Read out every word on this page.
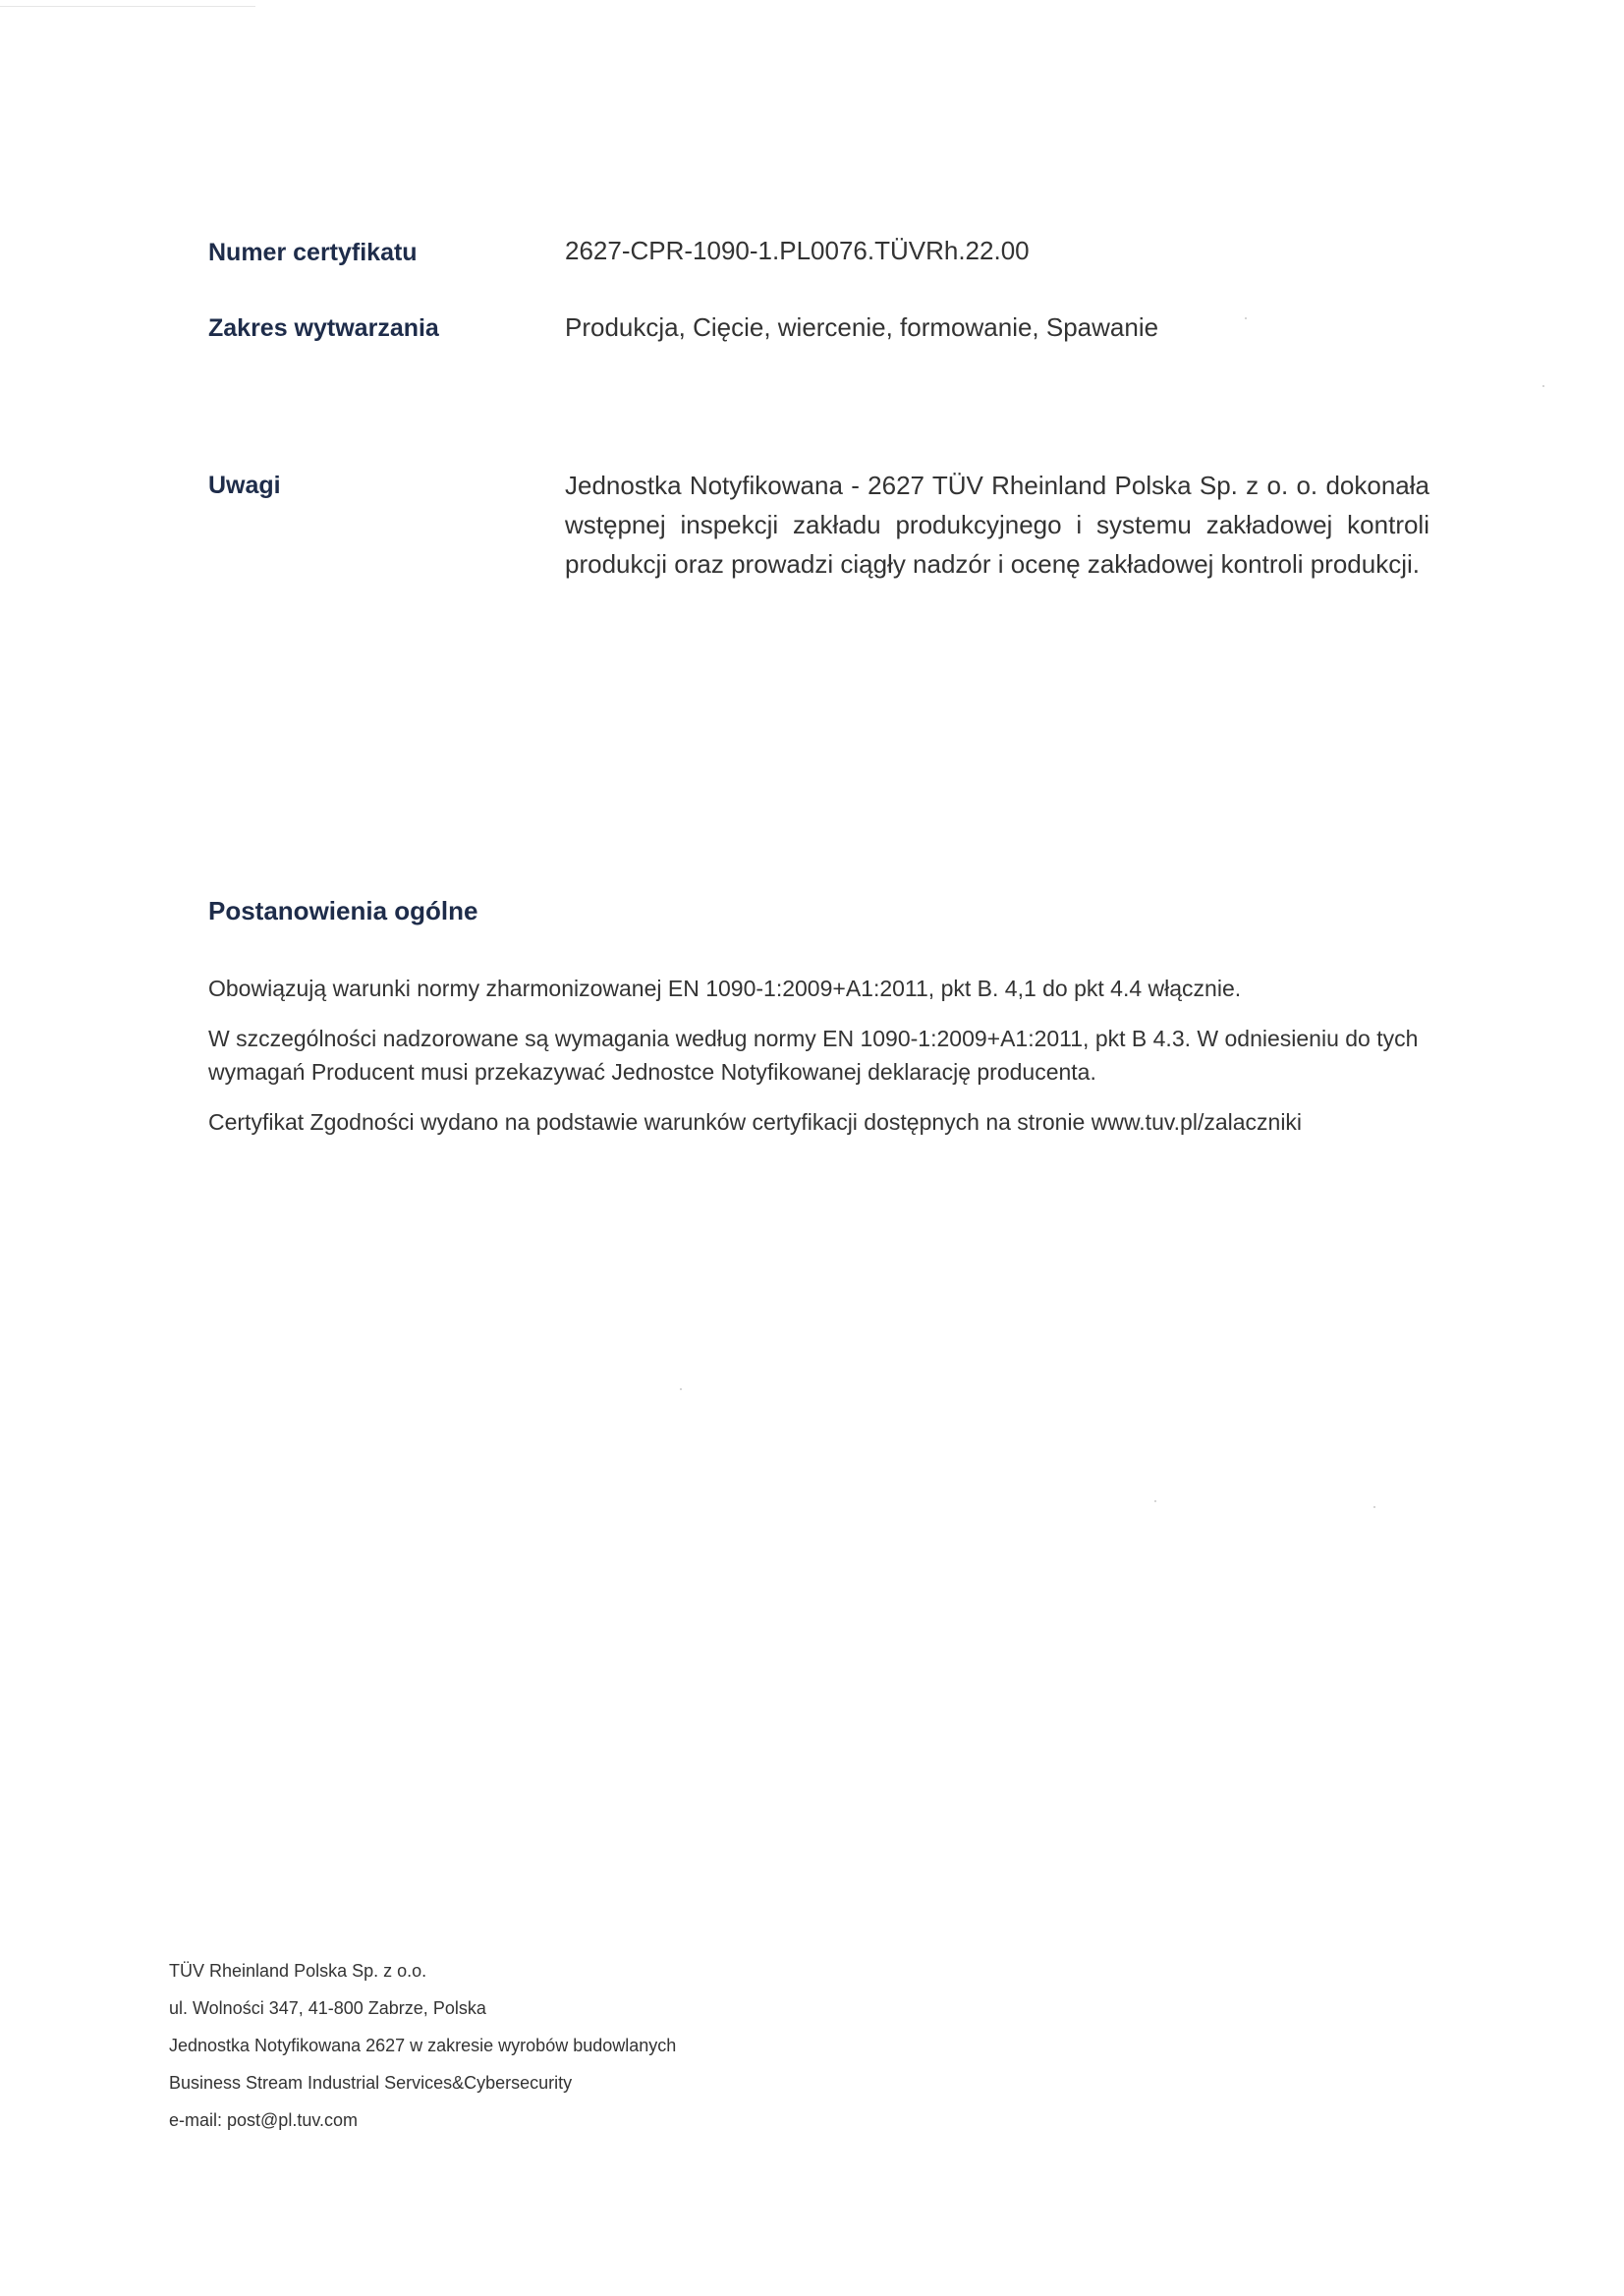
Numer certyfikatu	2627-CPR-1090-1.PL0076.TÜVRh.22.00
Zakres wytwarzania	Produkcja, Cięcie, wiercenie, formowanie, Spawanie
Uwagi	Jednostka Notyfikowana - 2627 TÜV Rheinland Polska Sp. z o. o. dokonała wstępnej inspekcji zakładu produkcyjnego i systemu zakładowej kontroli produkcji oraz prowadzi ciągły nadzór i ocenę zakładowej kontroli produkcji.
Postanowienia ogólne
Obowiązują warunki normy zharmonizowanej EN 1090-1:2009+A1:2011, pkt B. 4,1 do pkt 4.4 włącznie.
W szczególności nadzorowane są wymagania według normy EN 1090-1:2009+A1:2011, pkt B 4.3. W odniesieniu do tych wymagań Producent musi przekazywać Jednostce Notyfikowanej deklarację producenta.
Certyfikat Zgodności wydano na podstawie warunków certyfikacji dostępnych na stronie www.tuv.pl/zalaczniki
TÜV Rheinland Polska Sp. z o.o.
ul. Wolności 347, 41-800 Zabrze, Polska
Jednostka Notyfikowana 2627 w zakresie wyrobów budowlanych
Business Stream Industrial Services&Cybersecurity
e-mail: post@pl.tuv.com
